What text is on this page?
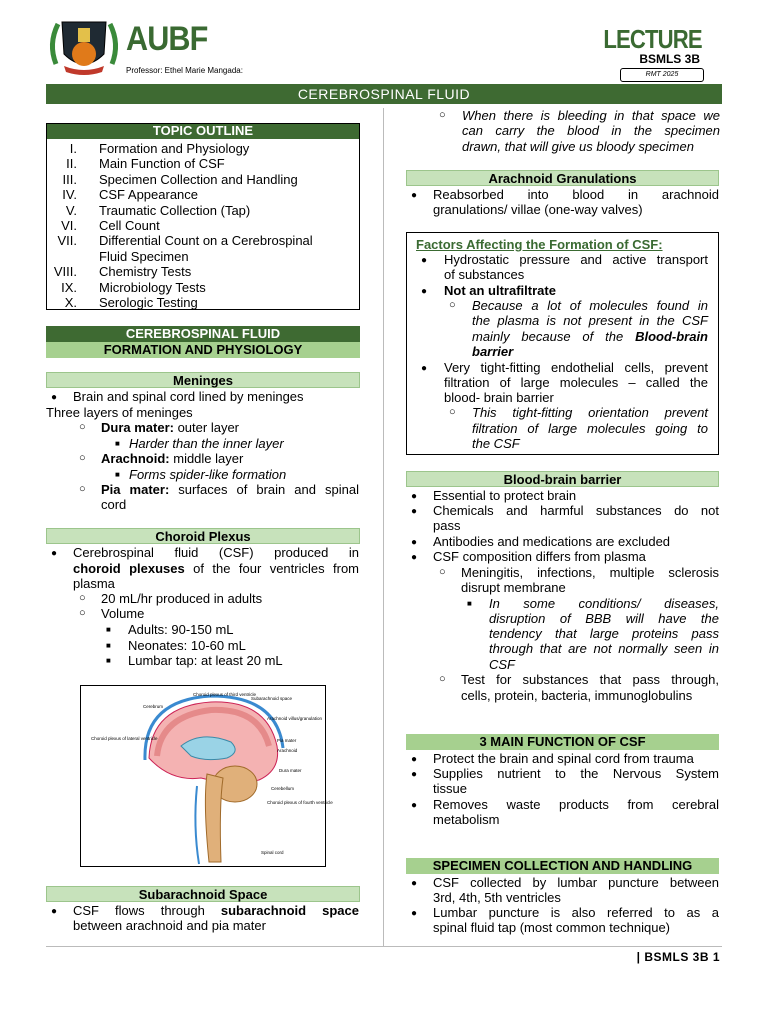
AUBF
Professor: Ethel Marie Mangada:
LECTURE
BSMLS 3B
RMT 2025
CEREBROSPINAL FLUID
TOPIC OUTLINE
I. Formation and Physiology
II. Main Function of CSF
III. Specimen Collection and Handling
IV. CSF Appearance
V. Traumatic Collection (Tap)
VI. Cell Count
VII. Differential Count on a Cerebrospinal
Fluid Specimen
VIII. Chemistry Tests
IX. Microbiology Tests
X. Serologic Testing
CEREBROSPINAL FLUID
FORMATION AND PHYSIOLOGY
Meninges
● Brain and spinal cord lined by meninges
Three layers of meninges
○ Dura mater: outer layer
■ Harder than the inner layer
○ Arachnoid: middle layer
■ Forms spider-like formation
○ Pia mater: surfaces of brain and spinal
cord
Choroid Plexus
● Cerebrospinal fluid (CSF) produced in
choroid plexuses of the four ventricles from
plasma
○ 20 mL/hr produced in adults
○ Volume
■ Adults: 90-150 mL
■ Neonates: 10-60 mL
■ Lumbar tap: at least 20 mL
Cerebrum
Choroid plexus of third ventricle
Subarachnoid space
Arachnoid villus/granulation
Pia mater
Arachnoid
Choroid plexus of lateral ventricle
Dura mater
Cerebellum
Choroid plexus of fourth ventricle
Spinal cord
Subarachnoid Space
● CSF flows through subarachnoid space
between arachnoid and pia mater
○ When there is bleeding in that space we
can carry the blood in the specimen
drawn, that will give us bloody specimen
Arachnoid Granulations
● Reabsorbed into blood in arachnoid
granulations/ villae (one-way valves)
Factors Affecting the Formation of CSF:
● Hydrostatic pressure and active transport
of substances
● Not an ultrafiltrate
○ Because a lot of molecules found in
the plasma is not present in the CSF
mainly because of the Blood-brain
barrier
● Very tight-fitting endothelial cells, prevent
filtration of large molecules – called the
blood- brain barrier
○ This tight-fitting orientation prevent
filtration of large molecules going to
the CSF
Blood-brain barrier
● Essential to protect brain
● Chemicals and harmful substances do not
pass
● Antibodies and medications are excluded
● CSF composition differs from plasma
○ Meningitis, infections, multiple sclerosis
disrupt membrane
■ In some conditions/ diseases,
disruption of BBB will have the
tendency that large proteins pass
through that are not normally seen in
CSF
○ Test for substances that pass through,
cells, protein, bacteria, immunoglobulins
3 MAIN FUNCTION OF CSF
● Protect the brain and spinal cord from trauma
● Supplies nutrient to the Nervous System
tissue
● Removes waste products from cerebral
metabolism
SPECIMEN COLLECTION AND HANDLING
● CSF collected by lumbar puncture between
3rd, 4th, 5th ventricles
● Lumbar puncture is also referred to as a
spinal fluid tap (most common technique)
| BSMLS 3B 1
